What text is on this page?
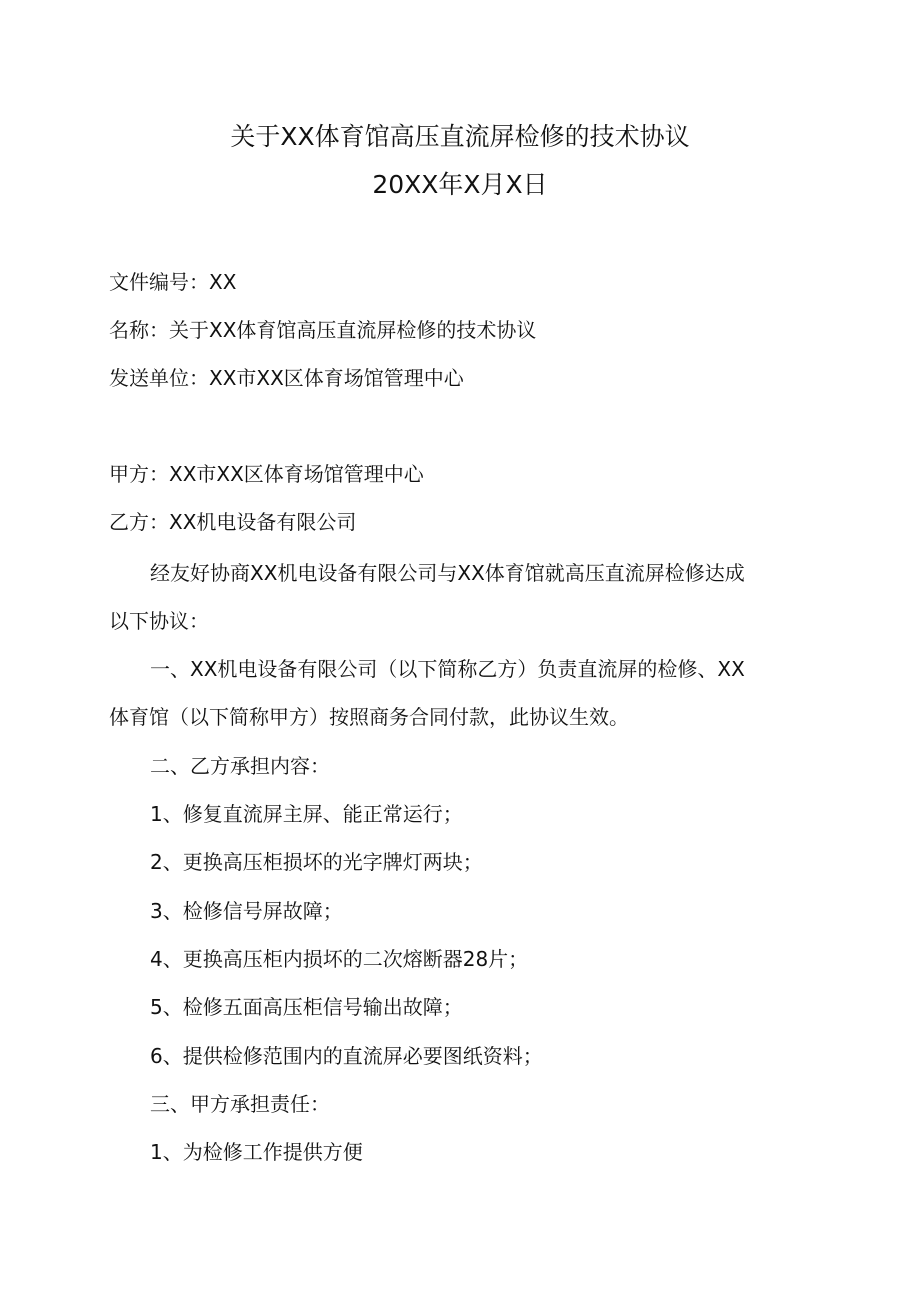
关于XX体育馆高压直流屏检修的技术协议
20XX年X月X日
文件编号：XX
名称：关于XX体育馆高压直流屏检修的技术协议
发送单位：XX市XX区体育场馆管理中心
甲方：XX市XX区体育场馆管理中心
乙方：XX机电设备有限公司
经友好协商XX机电设备有限公司与XX体育馆就高压直流屏检修达成
以下协议：
一、XX机电设备有限公司（以下简称乙方）负责直流屏的检修、XX
体育馆（以下简称甲方）按照商务合同付款，此协议生效。
二、乙方承担内容：
1、修复直流屏主屏、能正常运行；
2、更换高压柜损坏的光字牌灯两块；
3、检修信号屏故障；
4、更换高压柜内损坏的二次熔断器28片；
5、检修五面高压柜信号输出故障；
6、提供检修范围内的直流屏必要图纸资料；
三、甲方承担责任：
1、为检修工作提供方便
